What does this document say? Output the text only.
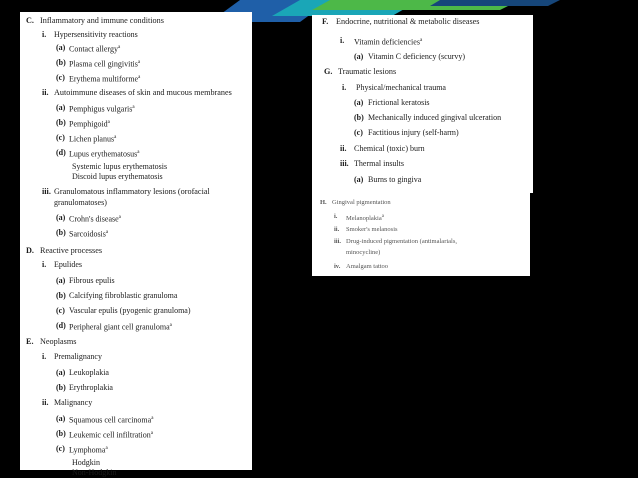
C. Inflammatory and immune conditions
i. Hypersensitivity reactions
(a) Contact allergy$^a$
(b) Plasma cell gingivitis$^a$
(c) Erythema multiforme$^a$
ii. Autoimmune diseases of skin and mucous membranes
(a) Pemphigus vulgaris$^a$
(b) Pemphigoid$^a$
(c) Lichen planus$^a$
(d) Lupus erythematosus$^a$
Systemic lupus erythematosis
Discoid lupus erythematosis
iii. Granulomatous inflammatory lesions (orofacial
granulomatoses)
(a) Crohn's disease$^a$
(b) Sarcoidosis$^a$
D. Reactive processes
i. Epulides
(a) Fibrous epulis
(b) Calcifying fibroblastic granuloma
(c) Vascular epulis (pyogenic granuloma)
(d) Peripheral giant cell granuloma$^a$
E. Neoplasms
i. Premalignancy
(a) Leukoplakia
(b) Erythroplakia
ii. Malignancy
(a) Squamous cell carcinoma$^a$
(b) Leukemic cell infiltration$^a$
(c) Lymphoma$^a$
Hodgkin
Non-Hodgkin
F. Endocrine, nutritional & metabolic diseases
i. Vitamin deficiencies$^a$
(a) Vitamin C deficiency (scurvy)
G. Traumatic lesions
i. Physical/mechanical trauma
(a) Frictional keratosis
(b) Mechanically induced gingival ulceration
(c) Factitious injury (self-harm)
ii. Chemical (toxic) burn
iii. Thermal insults
(a) Burns to gingiva
H. Gingival pigmentation
i. Melanoplakia$^a$
ii. Smoker's melanosis
iii. Drug-induced pigmentation (antimalarials,
minocycline)
iv. Amalgam tattoo
